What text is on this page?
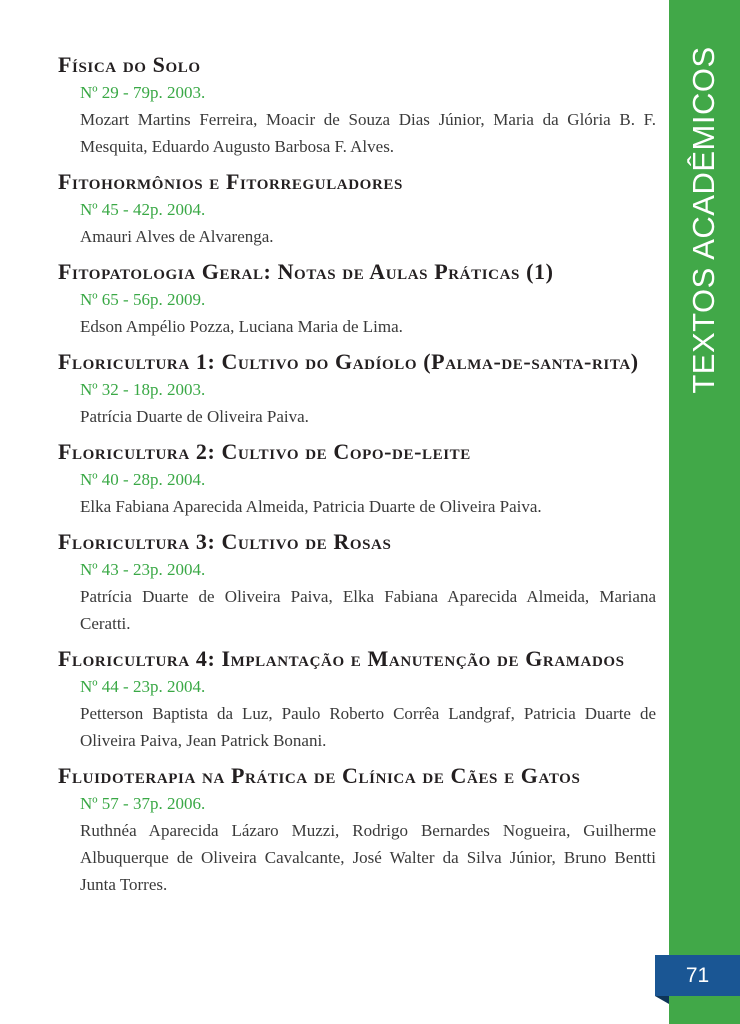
TEXTOS ACADÊMICOS
71
Física do Solo
Nº 29 - 79p. 2003.
Mozart Martins Ferreira, Moacir de Souza Dias Júnior, Maria da Glória B. F. Mesquita, Eduardo Augusto Barbosa F. Alves.
Fitohormônios e Fitorreguladores
Nº 45 - 42p. 2004.
Amauri Alves de Alvarenga.
Fitopatologia Geral: Notas de Aulas Práticas (1)
Nº 65 - 56p. 2009.
Edson Ampélio Pozza, Luciana Maria de Lima.
Floricultura 1: Cultivo do Gadíolo (Palma-de-santa-rita)
Nº 32 - 18p. 2003.
Patrícia Duarte de Oliveira Paiva.
Floricultura 2: Cultivo de Copo-de-leite
Nº 40 - 28p. 2004.
Elka Fabiana Aparecida Almeida, Patricia Duarte de Oliveira Paiva.
Floricultura 3: Cultivo de Rosas
Nº 43 - 23p. 2004.
Patrícia Duarte de Oliveira Paiva, Elka Fabiana Aparecida Almeida, Mariana Ceratti.
Floricultura 4: Implantação e Manutenção de Gramados
Nº 44 - 23p. 2004.
Petterson Baptista da Luz, Paulo Roberto Corrêa Landgraf, Patricia Duarte de Oliveira Paiva, Jean Patrick Bonani.
Fluidoterapia na Prática de Clínica de Cães e Gatos
Nº 57 - 37p. 2006.
Ruthnéa Aparecida Lázaro Muzzi, Rodrigo Bernardes Nogueira, Guilherme Albuquerque de Oliveira Cavalcante, José Walter da Silva Júnior, Bruno Bentti Junta Torres.
